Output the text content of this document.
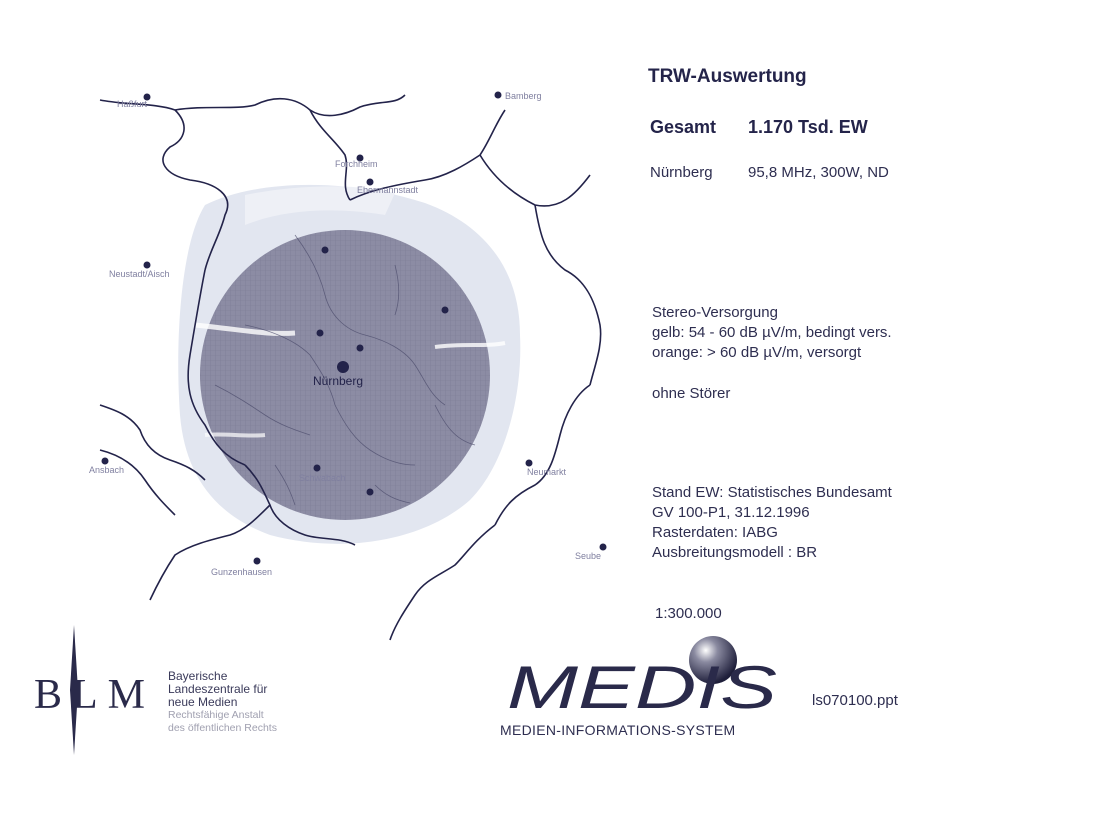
Haßfurt
Bamberg
Forchheim
Ebermannstadt
Neustadt/Aisch
Ansbach	Neumarkt
Schwabach
Gunzenhausen
Seube
Nürnberg
TRW-Auswertung
Gesamt 1.170 Tsd. EW
Nürnberg 95,8 MHz, 300W, ND
Stereo-Versorgung
gelb: 54 - 60 dB µV/m, bedingt vers.
orange: > 60 dB µV/m, versorgt
ohne Störer
Stand EW: Statistisches Bundesamt
GV 100-P1, 31.12.1996
Rasterdaten: IABG
Ausbreitungsmodell : BR
1:300.000
BLM Bayerische
Landeszentrale für
neue Medien
Rechtsfähige Anstalt
des öffentlichen Rechts
MEDIS
MEDIEN-INFORMATIONS-SYSTEM
ls070100.ppt
